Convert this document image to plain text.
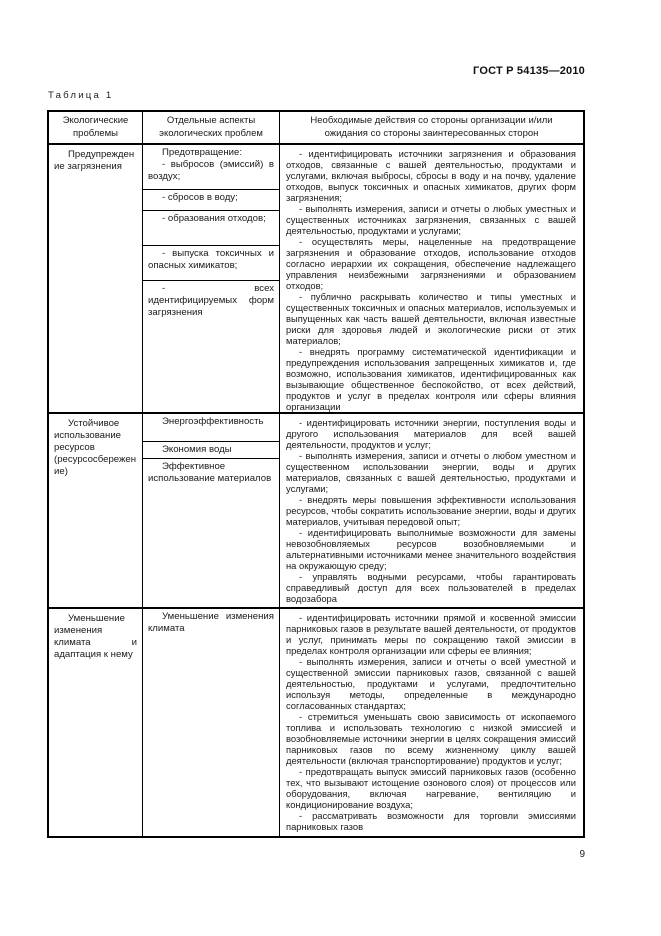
ГОСТ Р 54135—2010
Таблица 1
Экологические проблемы
Отдельные аспекты экологических проблем
Необходимые действия со стороны организации и/или ожидания со стороны заинтересованных сторон

Предупреждение загрязнения

Предотвращение:

- выбросов (эмиссий) в воздух;

- сбросов в воду;

- образования отходов;

- выпуска токсичных и опасных химикатов;

- всех идентифицируемых форм загрязнения

- идентифицировать источники загрязнения и образования отходов, связанные с вашей деятельностью, продуктами и услугами, включая выбросы, сбросы в воду и на почву, удаление отходов, выпуск токсичных и опасных химикатов, других форм загрязнения;

- выполнять измерения, записи и отчеты о любых уместных и существенных источниках загрязнения, связанных с вашей деятельностью, продуктами и услугами;

- осуществлять меры, нацеленные на предотвращение загрязнения и образование отходов, использование отходов согласно иерархии их сокращения, обеспечение надлежащего управления неизбежными загрязнениями и образованием отходов;

- публично раскрывать количество и типы уместных и существенных токсичных и опасных материалов, используемых и выпущенных как часть вашей деятельности, включая известные риски для здоровья людей и экологические риски от этих материалов;

- внедрять программу систематической идентификации и предупреждения использования запрещенных химикатов и, где возможно, использования химикатов, идентифицированных как вызывающие общественное беспокойство, от всех действий, продуктов и услуг в пределах контроля или сферы влияния организации

Устойчивое использование ресурсов (ресурсосбережение)

Энергоэффективность

Экономия воды

Эффективное использование материалов

- идентифицировать источники энергии, поступления воды и другого использования материалов для всей вашей деятельности, продуктов и услуг;

- выполнять измерения, записи и отчеты о любом уместном и существенном использовании энергии, воды и других материалов, связанных с вашей деятельностью, продуктами и услугами;

- внедрять меры повышения эффективности использования ресурсов, чтобы сократить использование энергии, воды и других материалов, учитывая передовой опыт;

- идентифицировать выполнимые возможности для замены невозобновляемых ресурсов возобновляемыми и альтернативными источниками менее значительного воздействия на окружающую среду;

- управлять водными ресурсами, чтобы гарантировать справедливый доступ для всех пользователей в пределах водозабора

Уменьшение изменения климата и адаптация к нему

Уменьшение изменения климата

- идентифицировать источники прямой и косвенной эмиссии парниковых газов в результате вашей деятельности, от продуктов и услуг, принимать меры по сокращению такой эмиссии в пределах контроля организации или сферы ее влияния;

- выполнять измерения, записи и отчеты о всей уместной и существенной эмиссии парниковых газов, связанной с вашей деятельностью, продуктами и услугами, предпочтительно используя методы, определенные в международно согласованных стандартах;

- стремиться уменьшать свою зависимость от ископаемого топлива и использовать технологию с низкой эмиссией и возобновляемые источники энергии в целях сокращения эмиссий парниковых газов по всему жизненному циклу вашей деятельности (включая транспортирование) продуктов и услуг;

- предотвращать выпуск эмиссий парниковых газов (особенно тех, что вызывают истощение озонового слоя) от процессов или оборудования, включая нагревание, вентиляцию и кондиционирование воздуха;

- рассматривать возможности для торговли эмиссиями парниковых газов

9
